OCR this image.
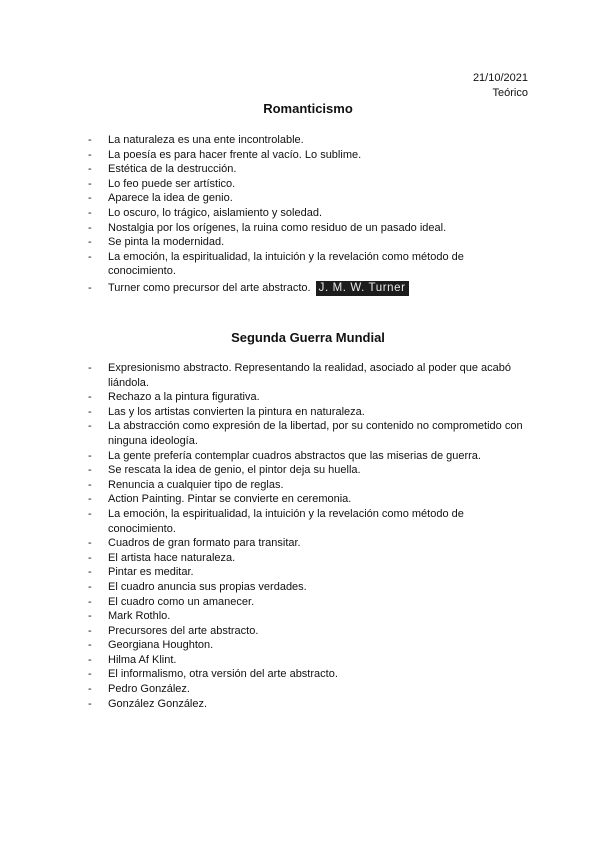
21/10/2021
Teórico
Romanticismo
- La naturaleza es una ente incontrolable.
- La poesía es para hacer frente al vacío. Lo sublime.
- Estética de la destrucción.
- Lo feo puede ser artístico.
- Aparece la idea de genio.
- Lo oscuro, lo trágico, aislamiento y soledad.
- Nostalgia por los orígenes, la ruina como residuo de un pasado ideal.
- Se pinta la modernidad.
- La emoción, la espiritualidad, la intuición y la revelación como método de conocimiento.
- Turner como precursor del arte abstracto. J. M. W. Turner
Segunda Guerra Mundial
- Expresionismo abstracto. Representando la realidad, asociado al poder que acabó liándola.
- Rechazo a la pintura figurativa.
- Las y los artistas convierten la pintura en naturaleza.
- La abstracción como expresión de la libertad, por su contenido no comprometido con ninguna ideología.
- La gente prefería contemplar cuadros abstractos que las miserias de guerra.
- Se rescata la idea de genio, el pintor deja su huella.
- Renuncia a cualquier tipo de reglas.
- Action Painting. Pintar se convierte en ceremonia.
- La emoción, la espiritualidad, la intuición y la revelación como método de conocimiento.
- Cuadros de gran formato para transitar.
- El artista hace naturaleza.
- Pintar es meditar.
- El cuadro anuncia sus propias verdades.
- El cuadro como un amanecer.
- Mark Rothlo.
- Precursores del arte abstracto.
- Georgiana Houghton.
- Hilma Af Klint.
- El informalismo, otra versión del arte abstracto.
- Pedro González.
- González González.
